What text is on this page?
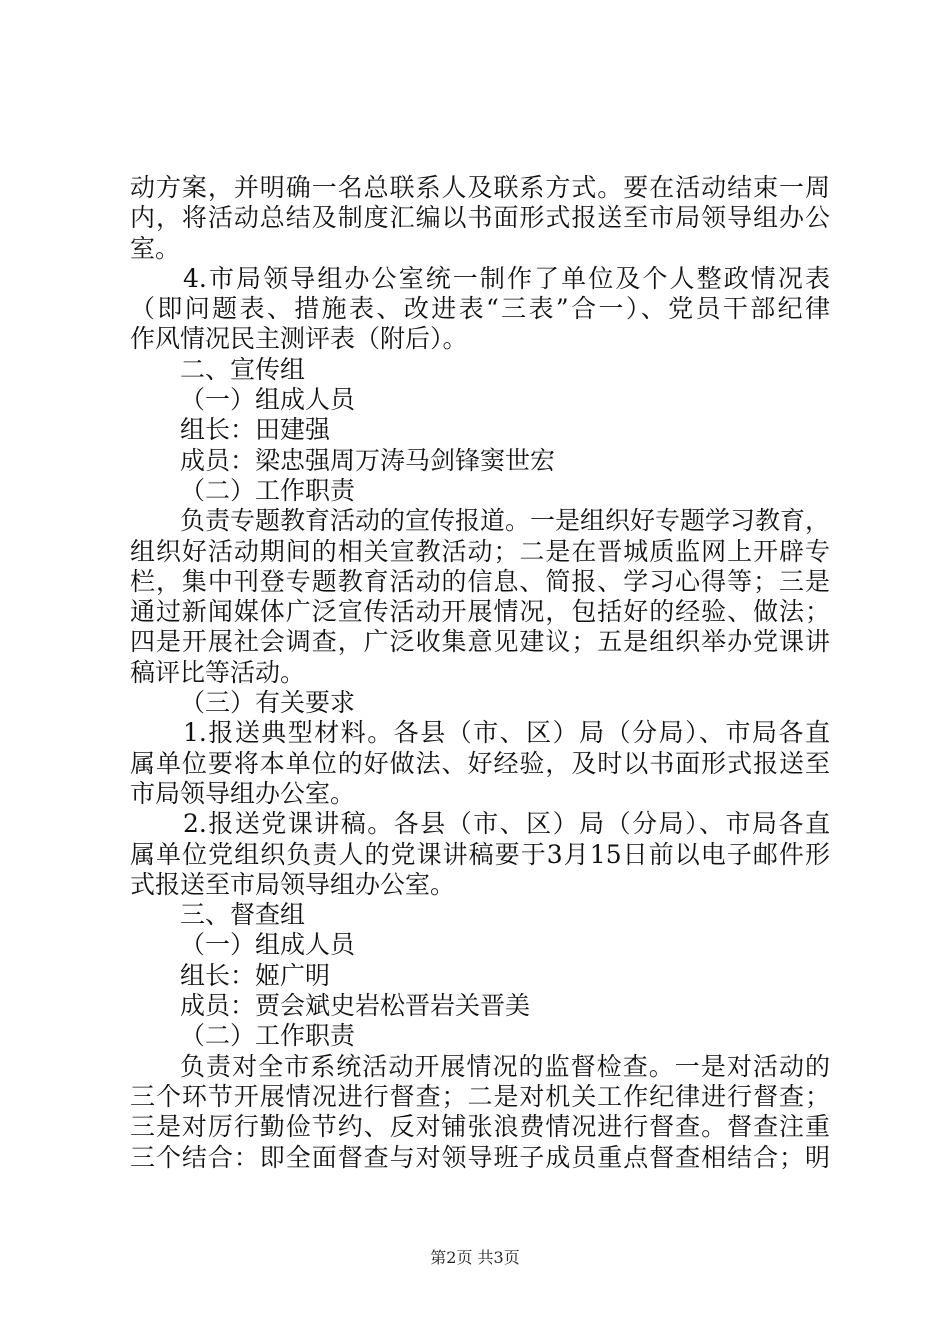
动方案，并明确一名总联系人及联系方式。要在活动结束一周
内，将活动总结及制度汇编以书面形式报送至市局领导组办公
室。
4.市局领导组办公室统一制作了单位及个人整政情况表
（即问题表、措施表、改进表“三表”合一）、党员干部纪律
作风情况民主测评表（附后）。
二、宣传组
（一）组成人员
组长：田建强
成员：梁忠强周万涛马剑锋窦世宏
（二）工作职责
负责专题教育活动的宣传报道。一是组织好专题学习教育，
组织好活动期间的相关宣教活动；二是在晋城质监网上开辟专
栏，集中刊登专题教育活动的信息、简报、学习心得等；三是
通过新闻媒体广泛宣传活动开展情况，包括好的经验、做法；
四是开展社会调查，广泛收集意见建议；五是组织举办党课讲
稿评比等活动。
（三）有关要求
1.报送典型材料。各县（市、区）局（分局）、市局各直
属单位要将本单位的好做法、好经验，及时以书面形式报送至
市局领导组办公室。
2.报送党课讲稿。各县（市、区）局（分局）、市局各直
属单位党组织负责人的党课讲稿要于3月15日前以电子邮件形
式报送至市局领导组办公室。
三、督查组
（一）组成人员
组长：姬广明
成员：贾会斌史岩松晋岩关晋美
（二）工作职责
负责对全市系统活动开展情况的监督检查。一是对活动的
三个环节开展情况进行督查；二是对机关工作纪律进行督查；
三是对厉行勤俭节约、反对铺张浪费情况进行督查。督查注重
三个结合：即全面督查与对领导班子成员重点督查相结合；明
第2页 共3页
